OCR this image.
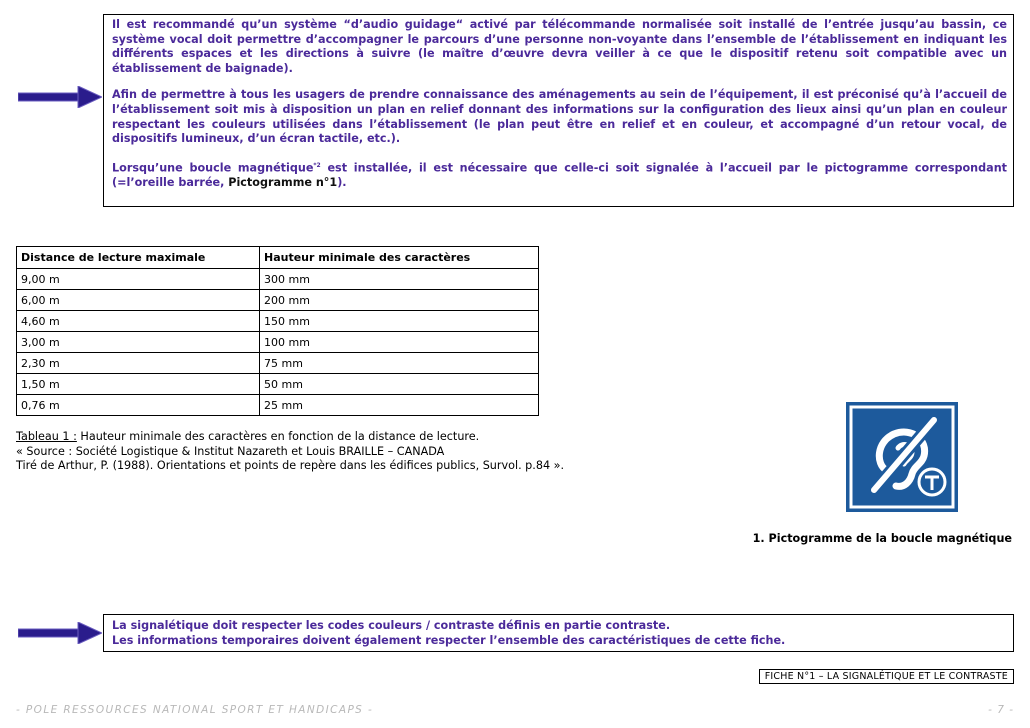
Il est recommandé qu’un système “d’audio guidage“ activé par télécommande normalisée soit installé de l’entrée jusqu’au bassin, ce système vocal doit permettre d’accompagner le parcours d’une personne non-voyante dans l’ensemble de l’établissement en indiquant les différents espaces et les directions à suivre (le maître d’œuvre devra veiller à ce que le dispositif retenu soit compatible avec un établissement de baignade).

Afin de permettre à tous les usagers de prendre connaissance des aménagements au sein de l’équipement, il est préconisé qu’à l’accueil de l’établissement soit mis à disposition un plan en relief donnant des informations sur la configuration des lieux ainsi qu’un plan en couleur respectant les couleurs utilisées dans l’établissement (le plan peut être en relief et en couleur, et accompagné d’un retour vocal, de dispositifs lumineux, d’un écran tactile, etc.).

Lorsqu’une boucle magnétique$^{*2}$ est installée, il est nécessaire que celle-ci soit signalée à l’accueil par le pictogramme correspondant (=l’oreille barrée, Pictogramme n°1).

Distance de lecture maximale	Hauteur minimale des caractères
9,00 m	300 mm
6,00 m	200 mm
4,60 m	150 mm
3,00 m	100 mm
2,30 m	75 mm
1,50 m	50 mm
0,76 m	25 mm
Tableau 1 : Hauteur minimale des caractères en fonction de la distance de lecture.
« Source : Société Logistique & Institut Nazareth et Louis BRAILLE – CANADA
Tiré de Arthur, P. (1988). Orientations et points de repère dans les édifices publics, Survol. p.84 ».
1. Pictogramme de la boucle magnétique
La signalétique doit respecter les codes couleurs / contraste définis en partie contraste.
Les informations temporaires doivent également respecter l’ensemble des caractéristiques de cette fiche.
FICHE N°1 – LA SIGNALÉTIQUE ET LE CONTRASTE
- POLE RESSOURCES NATIONAL SPORT ET HANDICAPS -	- 7 -
